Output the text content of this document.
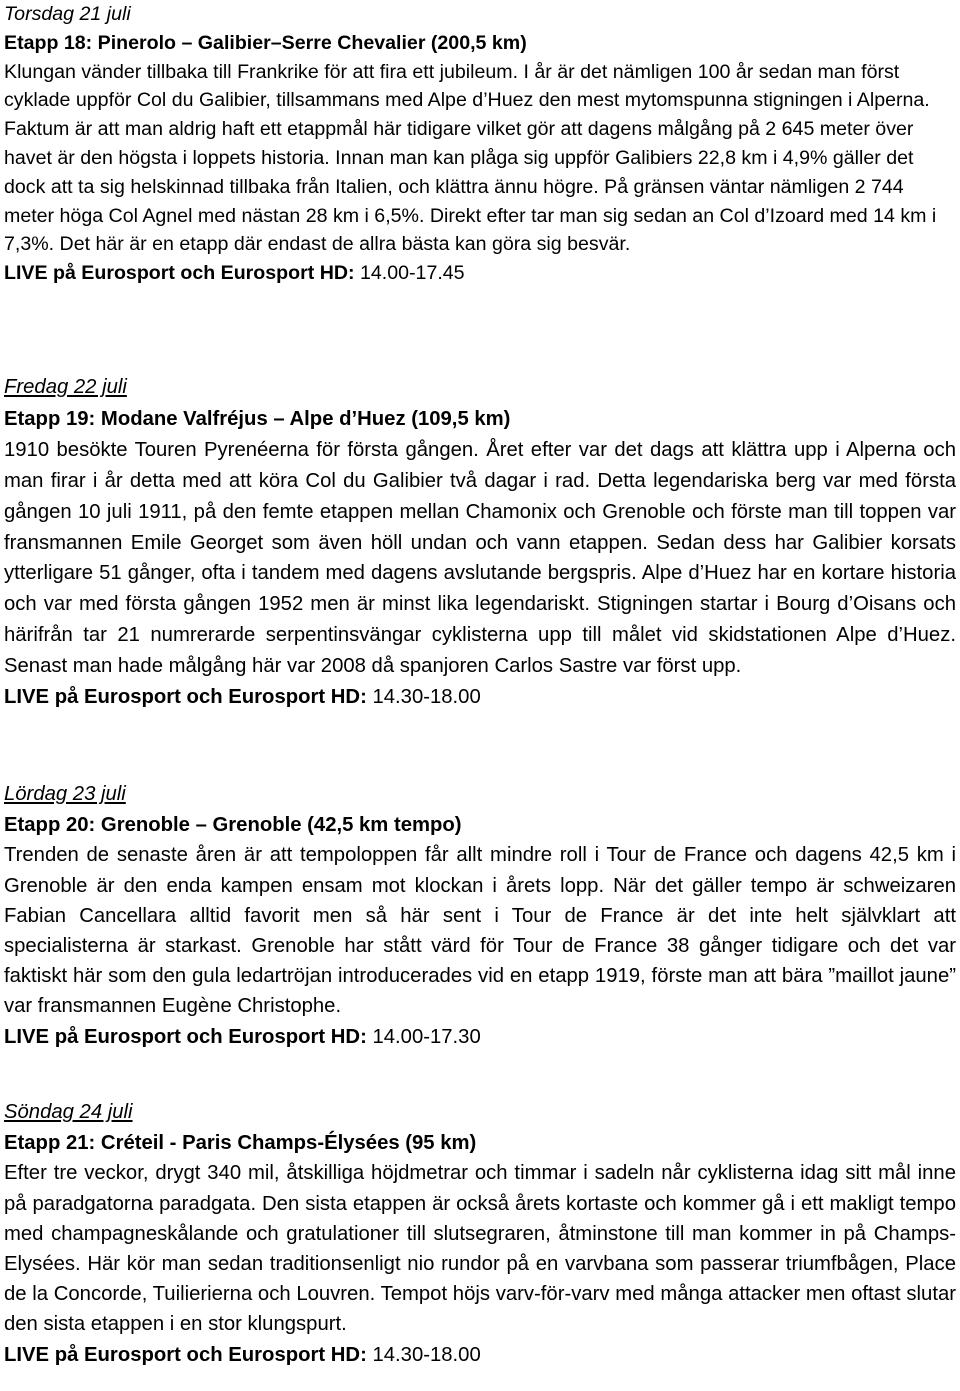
Torsdag 21 juli
Etapp 18: Pinerolo – Galibier–Serre Chevalier (200,5 km)
Klungan vänder tillbaka till Frankrike för att fira ett jubileum. I år är det nämligen 100 år sedan man först cyklade uppför Col du Galibier, tillsammans med Alpe d’Huez den mest mytomspunna stigningen i Alperna. Faktum är att man aldrig haft ett etappmål här tidigare vilket gör att dagens målgång på 2 645 meter över havet är den högsta i loppets historia. Innan man kan plåga sig uppför Galibiers 22,8 km i 4,9% gäller det dock att ta sig helskinnad tillbaka från Italien, och klättra ännu högre. På gränsen väntar nämligen 2 744 meter höga Col Agnel med nästan 28 km i 6,5%. Direkt efter tar man sig sedan an Col d’Izoard med 14 km i 7,3%. Det här är en etapp där endast de allra bästa kan göra sig besvär.
LIVE på Eurosport och Eurosport HD: 14.00-17.45
Fredag 22 juli
Etapp 19: Modane Valfréjus – Alpe d’Huez (109,5 km)
1910 besökte Touren Pyrenéerna för första gången. Året efter var det dags att klättra upp i Alperna och man firar i år detta med att köra Col du Galibier två dagar i rad. Detta legendariska berg var med första gången 10 juli 1911, på den femte etappen mellan Chamonix och Grenoble och förste man till toppen var fransmannen Emile Georget som även höll undan och vann etappen. Sedan dess har Galibier korsats ytterligare 51 gånger, ofta i tandem med dagens avslutande bergspris. Alpe d’Huez har en kortare historia och var med första gången 1952 men är minst lika legendariskt. Stigningen startar i Bourg d’Oisans och härifrån tar 21 numrerarde serpentinsvängar cyklisterna upp till målet vid skidstationen Alpe d’Huez. Senast man hade målgång här var 2008 då spanjoren Carlos Sastre var först upp.
LIVE på Eurosport och Eurosport HD: 14.30-18.00
Lördag 23 juli
Etapp 20: Grenoble – Grenoble (42,5 km tempo)
Trenden de senaste åren är att tempoloppen får allt mindre roll i Tour de France och dagens 42,5 km i Grenoble är den enda kampen ensam mot klockan i årets lopp. När det gäller tempo är schweizaren Fabian Cancellara alltid favorit men så här sent i Tour de France är det inte helt självklart att specialisterna är starkast. Grenoble har stått värd för Tour de France 38 gånger tidigare och det var faktiskt här som den gula ledartröjan introducerades vid en etapp 1919, förste man att bära ”maillot jaune” var fransmannen Eugène Christophe.
LIVE på Eurosport och Eurosport HD: 14.00-17.30
Söndag 24 juli
Etapp 21: Créteil - Paris Champs-Élysées (95 km)
Efter tre veckor, drygt 340 mil, åtskilliga höjdmetrar och timmar i sadeln når cyklisterna idag sitt mål inne på paradgatorna paradgata. Den sista etappen är också årets kortaste och kommer gå i ett makligt tempo med champagneskålande och gratulationer till slutsegraren, åtminstone till man kommer in på Champs-Elysées. Här kör man sedan traditionsenligt nio rundor på en varvbana som passerar triumfbågen, Place de la Concorde, Tuilierierna och Louvren. Tempot höjs varv-för-varv med många attacker men oftast slutar den sista etappen i en stor klungspurt.
LIVE på Eurosport och Eurosport HD: 14.30-18.00
